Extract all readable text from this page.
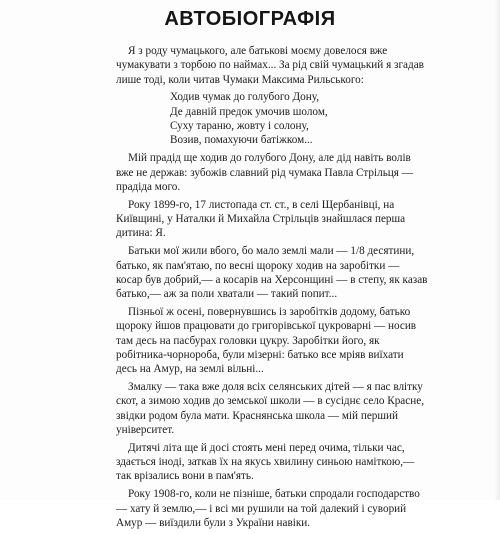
АВТОБІОГРАФІЯ
Я з роду чумацького, але батькові моєму довелося вже
чумакувати з торбою по наймах... За рід свій чумацький я згадав
лише тоді, коли читав Чумаки Максима Рильського:
Ходив чумак до голубого Дону,
Де давній предок умочив шолом,
Суху тараню, жовту і солону,
Возив, помахуючи батіжком...
Мій прадід ще ходив до голубого Дону, але дід навіть волів
вже не держав: зубожів славний рід чумака Павла Стрільця —
прадіда мого.
Року 1899-го, 17 листопада ст. ст., в селі Щербанівці, на
Київщині, у Наталки й Михайла Стрільців знайшлася перша
дитина: Я.
Батьки мої жили вбого, бо мало землі мали — 1/8 десятини,
батько, як пам'ятаю, по весні щороку ходив на заробітки —
косар був добрий,— а косарів на Херсонщині — в степу, як казав
батько,— аж за поли хватали — такий попит...
Пізньої ж осені, повернувшись із заробітків додому, батько
щороку йшов працювати до григорівської цукроварні — носив
там десь на пасбурах головки цукру. Заробітки його, як
робітника-чорнороба, були мізерні: батько все мріяв виїхати
десь на Амур, на землі вільні...
Змалку — така вже доля всіх селянських дітей — я пас влітку
скот, а зимою ходив до земської школи — в сусіднє село Красне,
звідки родом була мати. Краснянська школа — мій перший
університет.
Дитячі літа ще й досі стоять мені перед очима, тільки час,
здається іноді, заткав їх на якусь хвилину синьою наміткою,—
так врізались вони в пам'ять.
Року 1908-го, коли не пізніше, батьки спродали господарство
— хату й землю,— і всі ми рушили на той далекий і суворий
Амур — виїздили були з України навіки.
